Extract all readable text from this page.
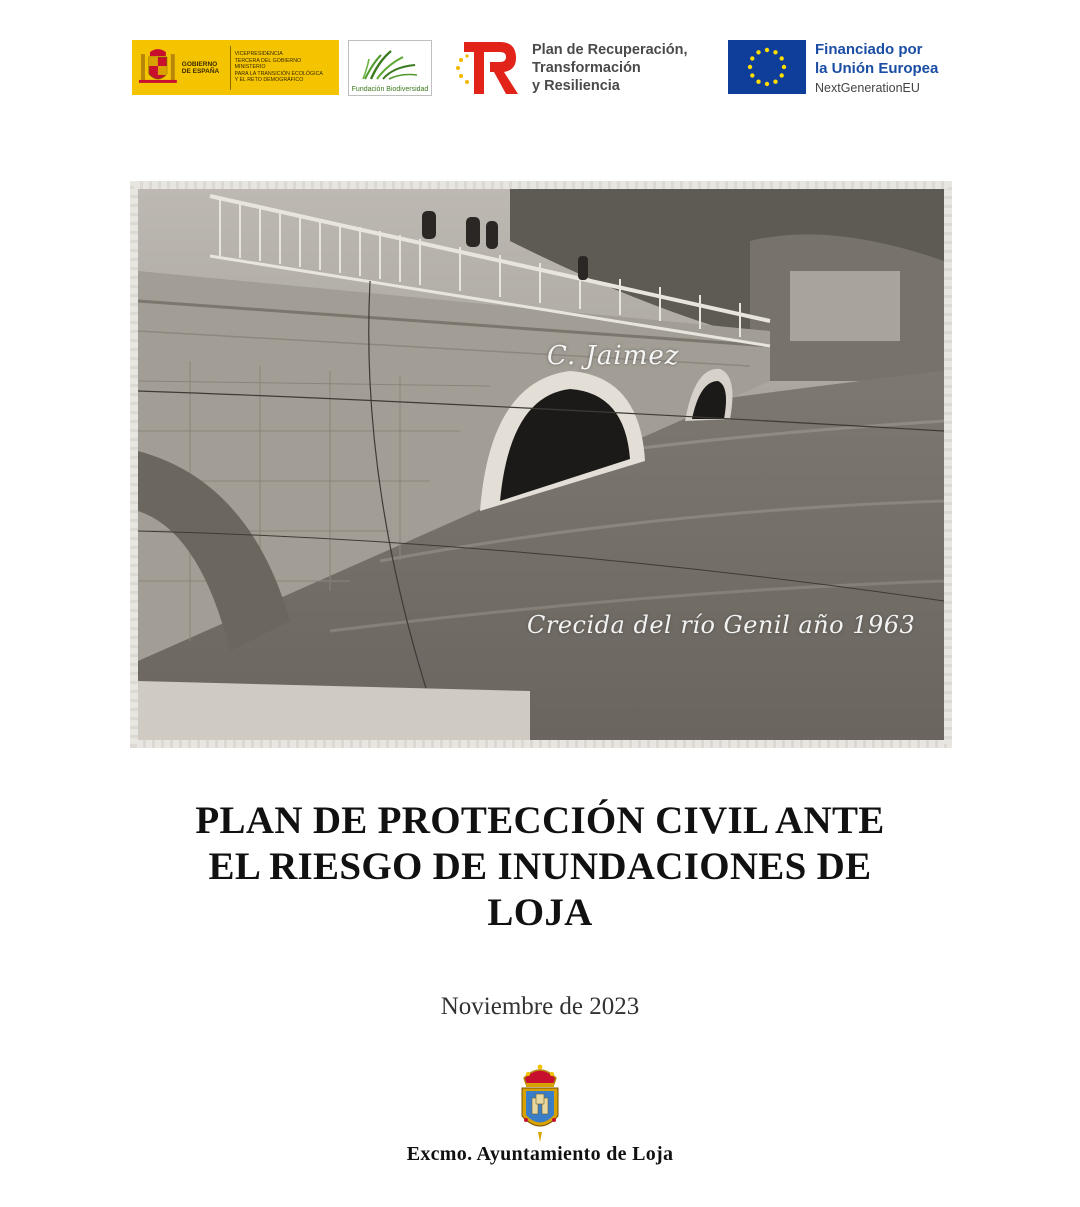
GOBIERNO
DE ESPAÑA
VICEPRESIDENCIA
TERCERA DEL GOBIERNO
MINISTERIO
PARA LA TRANSICIÓN ECOLÓGICA
Y EL RETO DEMOGRÁFICO
Fundación Biodiversidad
Plan de Recuperación,
Transformación
y Resiliencia
Financiado por
la Unión Europea
NextGenerationEU
C. Jaimez
Crecida del río Genil año 1963
PLAN DE PROTECCIÓN CIVIL ANTE
EL RIESGO DE INUNDACIONES DE
LOJA
Noviembre de 2023
Excmo. Ayuntamiento de Loja
